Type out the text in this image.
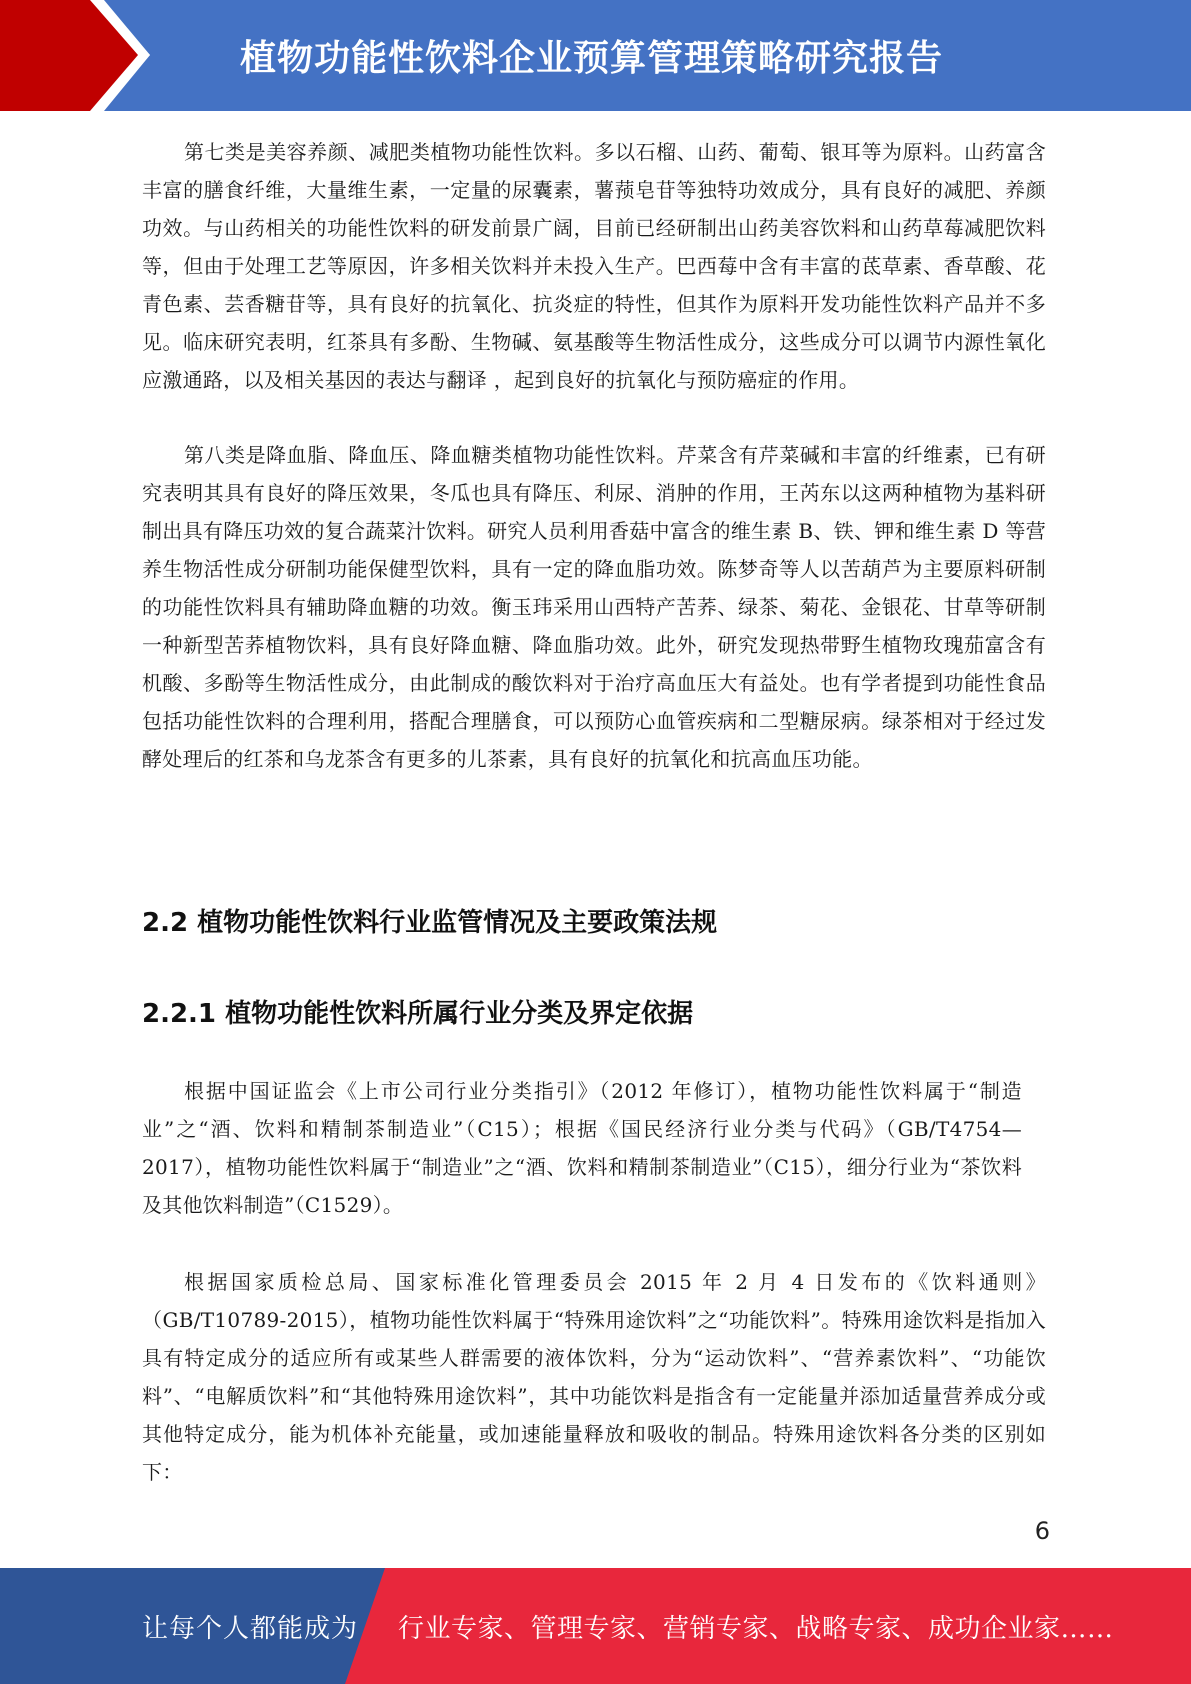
植物功能性饮料企业预算管理策略研究报告

第七类是美容养颜、减肥类植物功能性饮料。多以石榴、山药、葡萄、银耳等为原料。山药富含丰富的膳食纤维，大量维生素，一定量的尿囊素，薯蓣皂苷等独特功效成分，具有良好的减肥、养颜功效。与山药相关的功能性饮料的研发前景广阔，目前已经研制出山药美容饮料和山药草莓减肥饮料等，但由于处理工艺等原因，许多相关饮料并未投入生产。巴西莓中含有丰富的茋草素、香草酸、花青色素、芸香糖苷等，具有良好的抗氧化、抗炎症的特性，但其作为原料开发功能性饮料产品并不多见。临床研究表明，红茶具有多酚、生物碱、氨基酸等生物活性成分，这些成分可以调节内源性氧化应激通路，以及相关基因的表达与翻译 ，起到良好的抗氧化与预防癌症的作用。

第八类是降血脂、降血压、降血糖类植物功能性饮料。芹菜含有芹菜碱和丰富的纤维素，已有研究表明其具有良好的降压效果，冬瓜也具有降压、利尿、消肿的作用，王芮东以这两种植物为基料研制出具有降压功效的复合蔬菜汁饮料。研究人员利用香菇中富含的维生素 B、铁、钾和维生素 D 等营养生物活性成分研制功能保健型饮料，具有一定的降血脂功效。陈梦奇等人以苦葫芦为主要原料研制的功能性饮料具有辅助降血糖的功效。衡玉玮采用山西特产苦荞、绿茶、菊花、金银花、甘草等研制一种新型苦荞植物饮料，具有良好降血糖、降血脂功效。此外，研究发现热带野生植物玫瑰茄富含有机酸、多酚等生物活性成分，由此制成的酸饮料对于治疗高血压大有益处。也有学者提到功能性食品包括功能性饮料的合理利用，搭配合理膳食，可以预防心血管疾病和二型糖尿病。绿茶相对于经过发酵处理后的红茶和乌龙茶含有更多的儿茶素，具有良好的抗氧化和抗高血压功能。

2.2 植物功能性饮料行业监管情况及主要政策法规
2.2.1 植物功能性饮料所属行业分类及界定依据

根据中国证监会《上市公司行业分类指引》（2012 年修订），植物功能性饮料属于“制造业”之“酒、饮料和精制茶制造业”（C15）；根据《国民经济行业分类与代码》（GB/T4754—2017），植物功能性饮料属于“制造业”之“酒、饮料和精制茶制造业”（C15），细分行业为“茶饮料及其他饮料制造”（C1529）。

根据国家质检总局、国家标准化管理委员会 2015 年 2 月 4 日发布的《饮料通则》（GB/T10789-2015），植物功能性饮料属于“特殊用途饮料”之“功能饮料”。特殊用途饮料是指加入具有特定成分的适应所有或某些人群需要的液体饮料，分为“运动饮料”、“营养素饮料”、“功能饮料”、“电解质饮料”和“其他特殊用途饮料”，其中功能饮料是指含有一定能量并添加适量营养成分或其他特定成分，能为机体补充能量，或加速能量释放和吸收的制品。特殊用途饮料各分类的区别如下：

6
让每个人都能成为 行业专家、管理专家、营销专家、战略专家、成功企业家……
